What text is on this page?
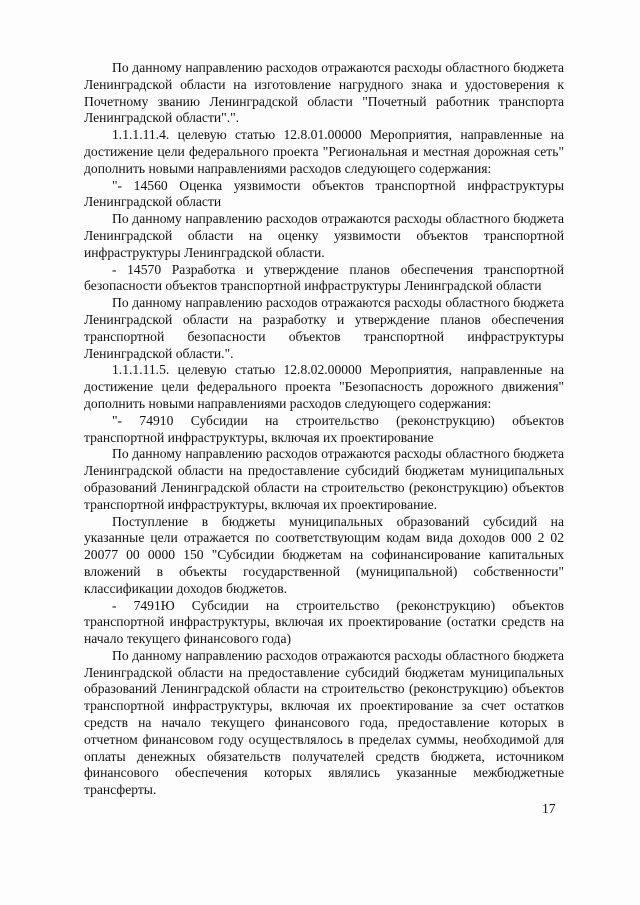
По данному направлению расходов отражаются расходы областного бюджета Ленинградской области на изготовление нагрудного знака и удостоверения к Почетному званию Ленинградской области "Почетный работник транспорта Ленинградской области".".

1.1.1.11.4. целевую статью 12.8.01.00000 Мероприятия, направленные на достижение цели федерального проекта "Региональная и местная дорожная сеть" дополнить новыми направлениями расходов следующего содержания:

"- 14560 Оценка уязвимости объектов транспортной инфраструктуры Ленинградской области

По данному направлению расходов отражаются расходы областного бюджета Ленинградской области на оценку уязвимости объектов транспортной инфраструктуры Ленинградской области.

- 14570 Разработка и утверждение планов обеспечения транспортной безопасности объектов транспортной инфраструктуры Ленинградской области

По данному направлению расходов отражаются расходы областного бюджета Ленинградской области на разработку и утверждение планов обеспечения транспортной безопасности объектов транспортной инфраструктуры Ленинградской области.".

1.1.1.11.5. целевую статью 12.8.02.00000 Мероприятия, направленные на достижение цели федерального проекта "Безопасность дорожного движения" дополнить новыми направлениями расходов следующего содержания:

"- 74910 Субсидии на строительство (реконструкцию) объектов транспортной инфраструктуры, включая их проектирование

По данному направлению расходов отражаются расходы областного бюджета Ленинградской области на предоставление субсидий бюджетам муниципальных образований Ленинградской области на строительство (реконструкцию) объектов транспортной инфраструктуры, включая их проектирование.

Поступление в бюджеты муниципальных образований субсидий на указанные цели отражается по соответствующим кодам вида доходов 000 2 02 20077 00 0000 150 "Субсидии бюджетам на софинансирование капитальных вложений в объекты государственной (муниципальной) собственности" классификации доходов бюджетов.

- 7491Ю Субсидии на строительство (реконструкцию) объектов транспортной инфраструктуры, включая их проектирование (остатки средств на начало текущего финансового года)

По данному направлению расходов отражаются расходы областного бюджета Ленинградской области на предоставление субсидий бюджетам муниципальных образований Ленинградской области на строительство (реконструкцию) объектов транспортной инфраструктуры, включая их проектирование за счет остатков средств на начало текущего финансового года, предоставление которых в отчетном финансовом году осуществлялось в пределах суммы, необходимой для оплаты денежных обязательств получателей средств бюджета, источником финансового обеспечения которых являлись указанные межбюджетные трансферты.

17
